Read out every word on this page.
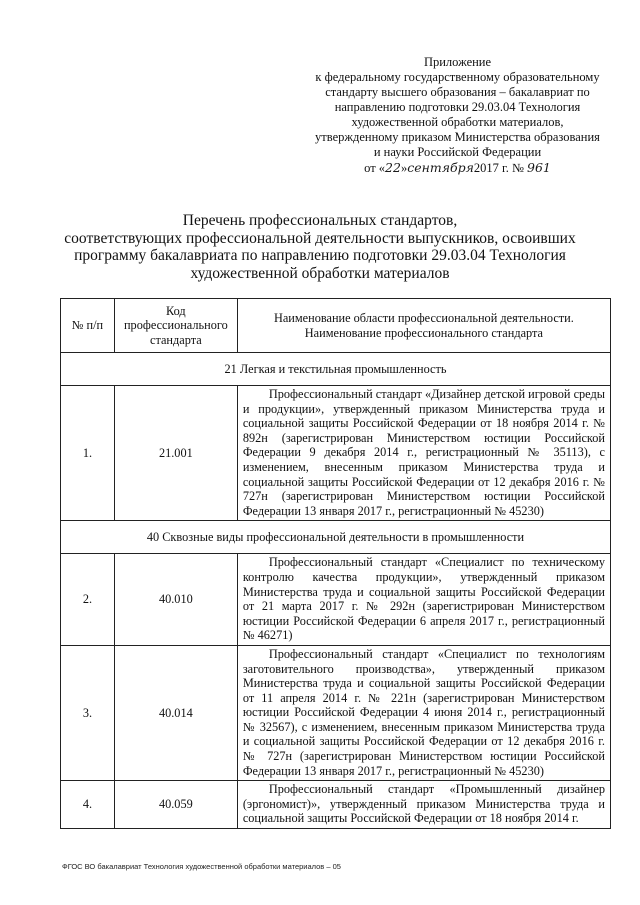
Приложение
к федеральному государственному образовательному
стандарту высшего образования – бакалавриат по
направлению подготовки 29.03.04 Технология
художественной обработки материалов,
утвержденному приказом Министерства образования
и науки Российской Федерации
от «22»сентября2017 г. № 961
Перечень профессиональных стандартов,
соответствующих профессиональной деятельности выпускников, освоивших
программу бакалавриата по направлению подготовки 29.03.04 Технология
художественной обработки материалов
№ п/п	Код профессионального стандарта	Наименование области профессиональной деятельности. Наименование профессионального стандарта
21 Легкая и текстильная промышленность		
1.	21.001	Профессиональный стандарт «Дизайнер детской игровой среды и продукции», утвержденный приказом Министерства труда и социальной защиты Российской Федерации от 18 ноября 2014 г. № 892н (зарегистрирован Министерством юстиции Российской Федерации 9 декабря 2014 г., регистрационный № 35113), с изменением, внесенным приказом Министерства труда и социальной защиты Российской Федерации от 12 декабря 2016 г. № 727н (зарегистрирован Министерством юстиции Российской Федерации 13 января 2017 г., регистрационный № 45230)

40 Сквозные виды профессиональной деятельности в промышленности		
2.	40.010	Профессиональный стандарт «Специалист по техническому контролю качества продукции», утвержденный приказом Министерства труда и социальной защиты Российской Федерации от 21 марта 2017 г. № 292н (зарегистрирован Министерством юстиции Российской Федерации 6 апреля 2017 г., регистрационный № 46271)

3.	40.014	Профессиональный стандарт «Специалист по технологиям заготовительного производства», утвержденный приказом Министерства труда и социальной защиты Российской Федерации от 11 апреля 2014 г. № 221н (зарегистрирован Министерством юстиции Российской Федерации 4 июня 2014 г., регистрационный № 32567), с изменением, внесенным приказом Министерства труда и социальной защиты Российской Федерации от 12 декабря 2016 г. № 727н (зарегистрирован Министерством юстиции Российской Федерации 13 января 2017 г., регистрационный № 45230)

4.	40.059	Профессиональный стандарт «Промышленный дизайнер (эргономист)», утвержденный приказом Министерства труда и социальной защиты Российской Федерации от 18 ноября 2014 г.
ФГОС ВО бакалавриат Технология художественной обработки материалов – 05
